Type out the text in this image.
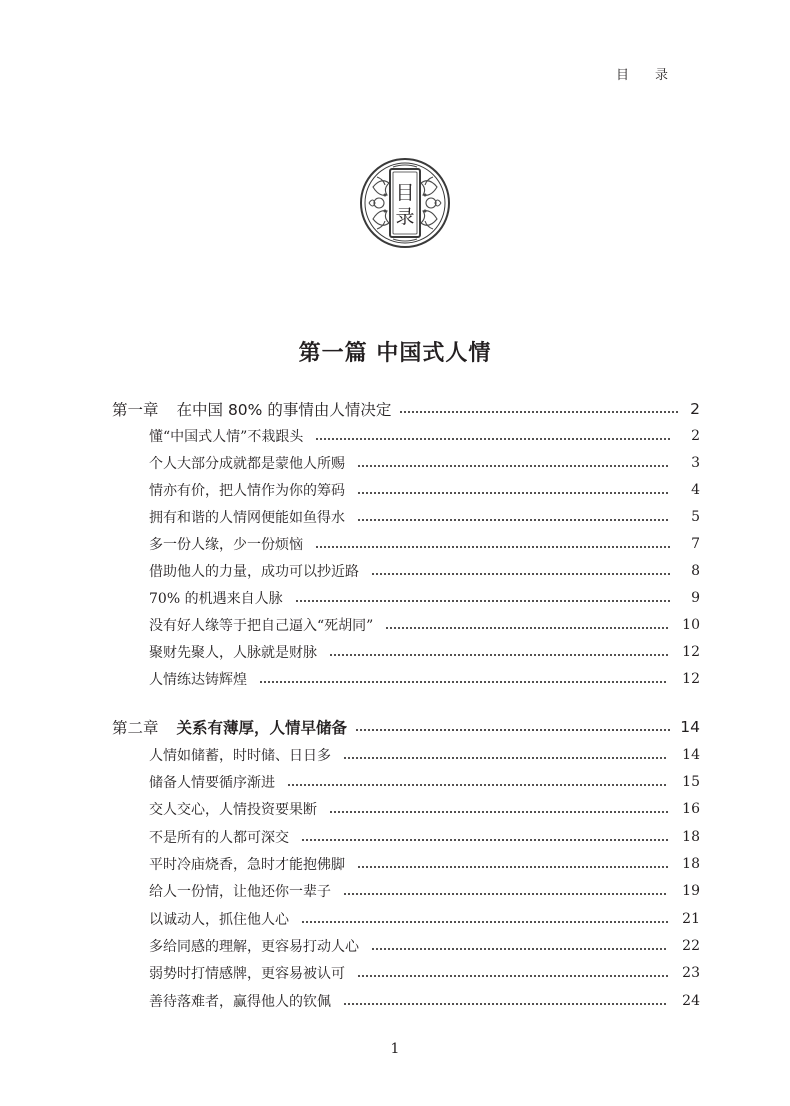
目录
目
录
第一篇 中国式人情
第一章 在中国 80% 的事情由人情决定	2
懂“中国式人情”不栽跟头	2
个人大部分成就都是蒙他人所赐	3
情亦有价，把人情作为你的筹码	4
拥有和谐的人情网便能如鱼得水	5
多一份人缘，少一份烦恼	7
借助他人的力量，成功可以抄近路	8
70% 的机遇来自人脉	9
没有好人缘等于把自己逼入“死胡同”	10
聚财先聚人，人脉就是财脉	12
人情练达铸辉煌	12
第二章 关系有薄厚，人情早储备	14
人情如储蓄，时时储、日日多	14
储备人情要循序渐进	15
交人交心，人情投资要果断	16
不是所有的人都可深交	18
平时冷庙烧香，急时才能抱佛脚	18
给人一份情，让他还你一辈子	19
以诚动人，抓住他人心	21
多给同感的理解，更容易打动人心	22
弱势时打情感牌，更容易被认可	23
善待落难者，赢得他人的钦佩	24
1
